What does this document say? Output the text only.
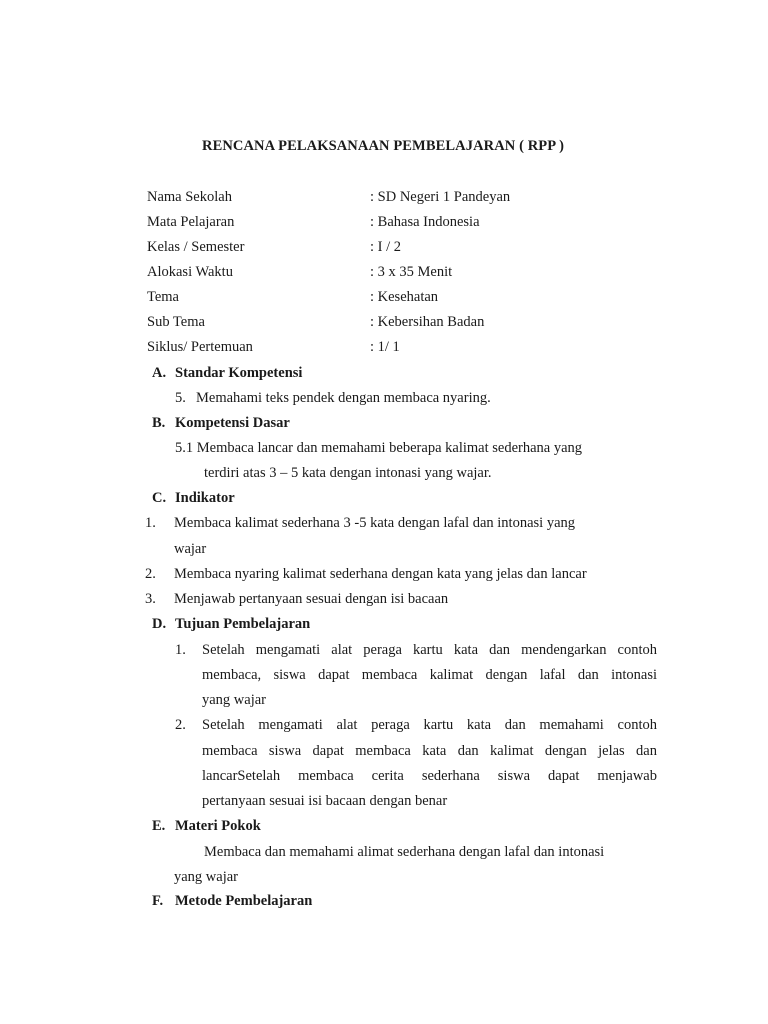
RENCANA PELAKSANAAN PEMBELAJARAN ( RPP )
Nama Sekolah	: SD Negeri 1 Pandeyan
Mata Pelajaran	: Bahasa Indonesia
Kelas / Semester	: I / 2
Alokasi Waktu	: 3 x 35 Menit
Tema	: Kesehatan
Sub Tema	: Kebersihan Badan
Siklus/ Pertemuan	: 1/ 1
A. Standar Kompetensi
5. Memahami teks pendek dengan membaca nyaring.
B. Kompetensi Dasar
5.1 Membaca lancar dan memahami beberapa kalimat sederhana yang
terdiri atas 3 – 5 kata dengan intonasi yang wajar.
C. Indikator
1. Membaca kalimat sederhana 3 -5 kata dengan lafal dan intonasi yang
wajar
2. Membaca nyaring kalimat sederhana dengan kata yang jelas dan lancar
3. Menjawab pertanyaan sesuai dengan isi bacaan
D. Tujuan Pembelajaran
1. Setelah mengamati alat peraga kartu kata dan mendengarkan contoh
membaca, siswa dapat membaca kalimat dengan lafal dan intonasi
yang wajar
2. Setelah mengamati alat peraga kartu kata dan memahami contoh
membaca siswa dapat membaca kata dan kalimat dengan jelas dan
lancarSetelah membaca cerita sederhana siswa dapat menjawab
pertanyaan sesuai isi bacaan dengan benar
E. Materi Pokok
Membaca dan memahami alimat sederhana dengan lafal dan intonasi
yang wajar
F. Metode Pembelajaran
